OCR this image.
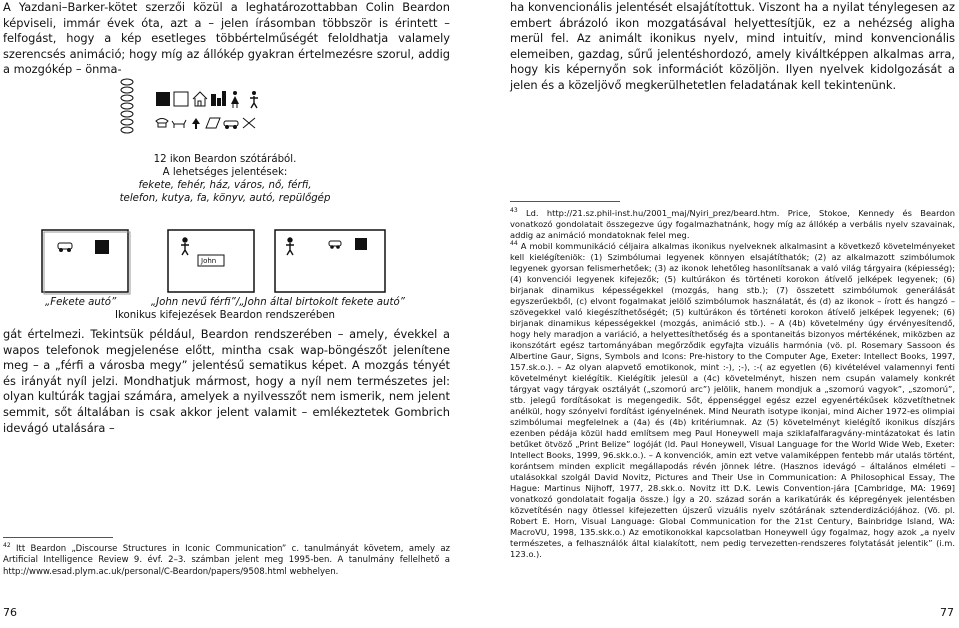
A Yazdani–Barker-kötet szerzői közül a leghatározottabban Colin Beardon képviseli, immár évek óta, azt a – jelen írásomban többször is érintett – felfogást, hogy a kép esetleges többértelműségét feloldhatja valamely szerencsés animáció; hogy míg az állókép gyakran értelmezésre szorul, addig a mozgókép – önma-

12 ikon Beardon szótárából.

A lehetséges jelentések:

fekete, fehér, ház, város, nő, férfi,

telefon, kutya, fa, könyv, autó, repülőgép

John

„Fekete autó”	„John nevű férfi”/„John által birtokolt fekete autó”

Ikonikus kifejezések Beardon rendszerében

gát értelmezi. Tekintsük például, Beardon rendszerében – amely, évekkel a wapos telefonok megjelenése előtt, mintha csak wap-böngészőt jelenítene meg – a „férfi a városba megy” jelentésű sematikus képet. A mozgás tényét és irányát nyíl jelzi. Mondhatjuk mármost, hogy a nyíl nem természetes jel: olyan kultúrák tagjai számára, amelyek a nyilvesszőt nem ismerik, nem jelent semmit, sőt általában is csak akkor jelent valamit – emlékeztetek Gombrich idevágó utalására –

$^{42}$ Itt Beardon „Discourse Structures in Iconic Communication” c. tanulmányát követem, amely az Artificial Intelligence Review 9. évf. 2–3. számban jelent meg 1995-ben. A tanulmány fellelhető a http://www.esad.plym.ac.uk/personal/C-Beardon/papers/9508.html webhelyen.

76

ha konvencionális jelentését elsajátítottuk. Viszont ha a nyilat ténylegesen az embert ábrázoló ikon mozgatásával helyettesítjük, ez a nehézség aligha merül fel. Az animált ikonikus nyelv, mind intuitív, mind konvencionális elemeiben, gazdag, sűrű jelentéshordozó, amely kiváltképpen alkalmas arra, hogy kis képernyőn sok információt közöljön. Ilyen nyelvek kidolgozását a jelen és a közeljövő megkerülhetetlen feladatának kell tekintenünk.

$^{43}$ Ld. http://21.sz.phil-inst.hu/2001_maj/Nyiri_prez/beard.htm. Price, Stokoe, Kennedy és Beardon vonatkozó gondolatait összegezve úgy fogalmazhatnánk, hogy míg az állókép a verbális nyelv szavainak, addig az animáció mondatoknak felel meg.

$^{44}$ A mobil kommunikáció céljaira alkalmas ikonikus nyelveknek alkalmasint a következő követelményeket kell kielégíteniök: (1) Szimbólumai legyenek könnyen elsajátíthatók; (2) az alkalmazott szimbólumok legyenek gyorsan felismerhetőek; (3) az ikonok lehetőleg hasonlítsanak a való világ tárgyaira (képiesség); (4) konvenciói legyenek kifejezők; (5) kultúrákon és történeti korokon átívelő jelképek legyenek; (6) birjanak dinamikus képességekkel (mozgás, hang stb.); (7) összetett szimbólumok generálását egyszerűekből, (c) elvont fogalmakat jelölő szimbólumok használatát, és (d) az ikonok – írott és hangzó – szövegekkel való kiegészíthetőségét; (5) kultúrákon és történeti korokon átívelő jelképek legyenek; (6) birjanak dinamikus képességekkel (mozgás, animáció stb.). – A (4b) követelmény úgy érvényesítendő, hogy hely maradjon a variáció, a helyettesíthetőség és a spontaneitás bizonyos mértékének, miközben az ikonszótárt egész tartományában megőrződik egyfajta vizuális harmónia (vö. pl. Rosemary Sassoon és Albertine Gaur, Signs, Symbols and Icons: Pre-history to the Computer Age, Exeter: Intellect Books, 1997, 157.sk.o.). – Az olyan alapvető emotikonok, mint :-), ;-), :-( az egyetlen (6) kivételével valamennyi fenti követelményt kielégítik. Kielégítik jelesül a (4c) követelményt, hiszen nem csupán valamely konkrét tárgyat vagy tárgyak osztályát („szomorú arc”) jelölik, hanem mondjuk a „szomorú vagyok”, „szomorú”, stb. jelegű fordításokat is megengedik. Sőt, éppenséggel egész ezzel egyenértékűsek közvetíthetnek anélkül, hogy szónyelvi fordítást igényelnének. Mind Neurath isotype ikonjai, mind Aicher 1972-es olimpiai szimbólumai megfelelnek a (4a) és (4b) kritériumnak. Az (5) követelményt kielégítő ikonikus díszjárs ezenben pédája közül hadd említsem meg Paul Honeywell maja sziklafalfaragvány-mintázatokat és latin betűket ötvöző „Print Belize” logóját (ld. Paul Honeywell, Visual Language for the World Wide Web, Exeter: Intellect Books, 1999, 96.skk.o.). – A konvenciók, amin ezt vetve valamiképpen fentebb már utalás történt, korántsem minden explicit megállapodás révén jönnek létre. (Hasznos idevágó – általános elméleti – utalásokkal szolgál David Novitz, Pictures and Their Use in Communication: A Philosophical Essay, The Hague: Martinus Nijhoff, 1977, 28.skk.o. Novitz itt D.K. Lewis Convention-jára [Cambridge, MA: 1969] vonatkozó gondolatait fogalja össze.) Így a 20. század során a karikatúrák és képregények jelentésben közvetítésén nagy ötlessel kifejezetten újszerű vizuális nyelv szótárának sztenderdizációjához. (Vö. pl. Robert E. Horn, Visual Language: Global Communication for the 21st Century, Bainbridge Island, WA: MacroVU, 1998, 135.skk.o.) Az emotikonokkal kapcsolatban Honeywell úgy fogalmaz, hogy azok „a nyelv természetes, a felhasználók által kialakított, nem pedig tervezetten-rendszeres folytatását jelentik” (i.m. 123.o.).

77
